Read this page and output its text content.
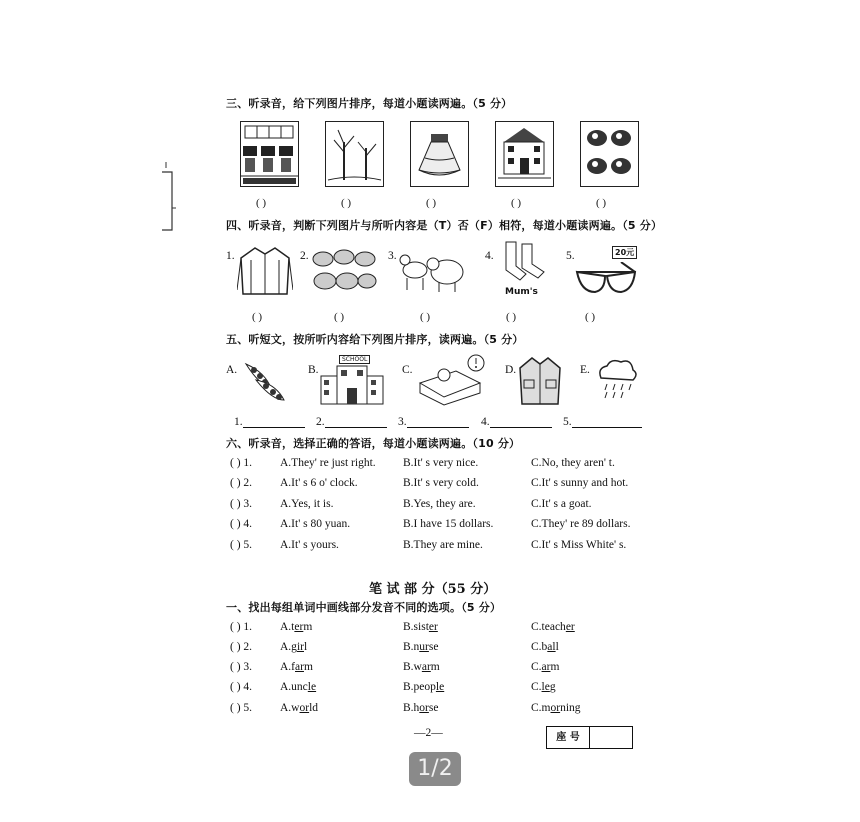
三、听录音，给下列图片排序，每道小题读两遍。（5 分）
( )	( )	( )	( )	( )
四、听录音，判断下列图片与所听内容是（T）否（F）相符，每道小题读两遍。（5 分）
1.	2.	3.	4.
Mum's
5.	20元
( )	( )	( )	( )	( )
五、听短文，按所听内容给下列图片排序，读两遍。（5 分）
A.	B.
SCHOOL
C.	D.	E.
1.	2.	3.	4.	5.
六、听录音，选择正确的答语，每道小题读两遍。（10 分）
( ) 1. A.They' re just right. B.It' s very nice.	C.No, they aren' t.
( ) 2. A.It' s 6 o' clock.	B.It' s very cold.	C.It' s sunny and hot.
( ) 3. A.Yes, it is.	B.Yes, they are.	C.It' s a goat.
( ) 4. A.It' s 80 yuan.	B.I have 15 dollars.	C.They' re 89 dollars.
( ) 5. A.It' s yours.	B.They are mine.	C.It' s Miss White' s.
笔 试 部 分（55 分）
一、找出每组单词中画线部分发音不同的选项。（5 分）
( ) 1. A.term	B.sister	C.teacher
( ) 2. A.girl	B.nurse	C.ball
( ) 3. A.farm	B.warm	C.arm
( ) 4. A.uncle	B.people	C.leg
( ) 5. A.world	B.horse	C.morning
—2—	座 号
1/2
